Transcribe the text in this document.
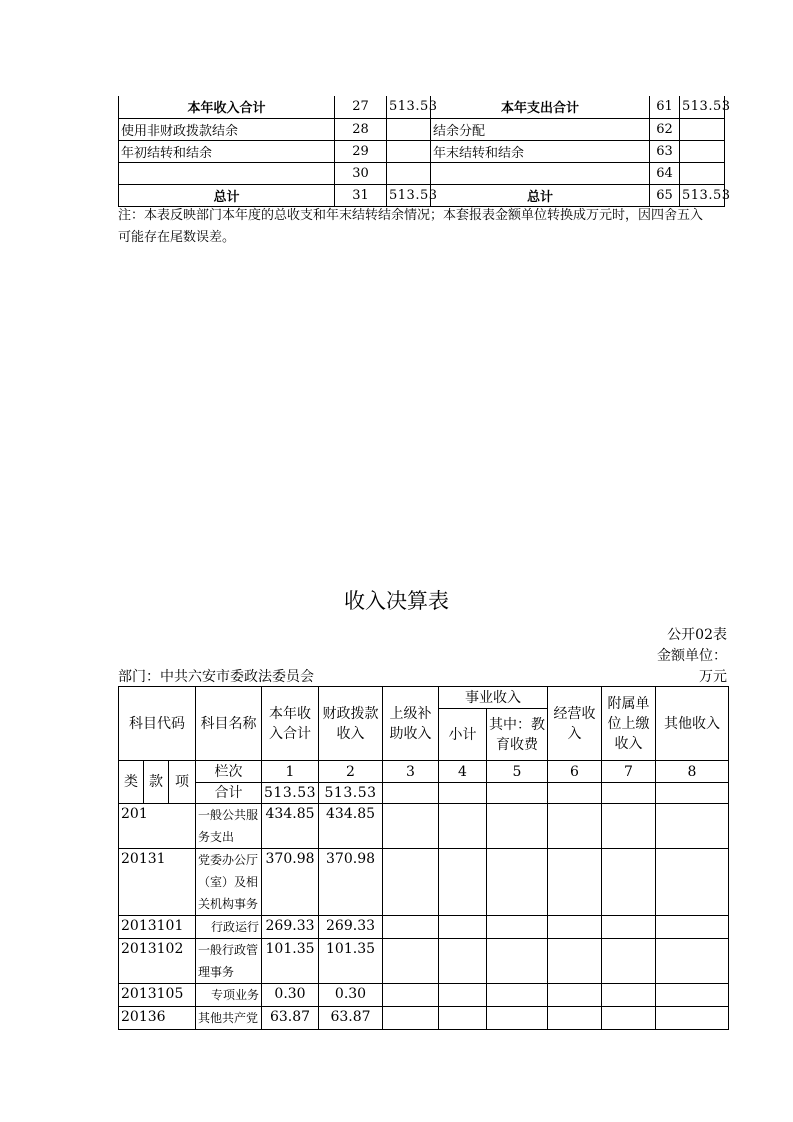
本年收入合计	27	513.53	本年支出合计	61	513.53
使用非财政拨款结余	28		结余分配	62	
年初结转和结余	29		年末结转和结余	63	
	30			64	
总计	31	513.53	总计	65	513.53
注：本表反映部门本年度的总收支和年末结转结余情况；本套报表金额单位转换成万元时，因四舍五入
可能存在尾数误差。
收入决算表
公开02表
金额单位：
万元
部门：中共六安市委政法委员会
科目代码			科目名称	本年收入合计	财政拨款收入	上级补助收入	事业收入		经营收入	附属单位上缴收入	其他收入
							小计	其中：教育收费			
类	款	项	栏次	1	2	3	4	5	6	7	8
			合计	513.53	513.53						
201			一般公共服务支出	434.85	434.85						
20131			党委办公厅（室）及相关机构事务	370.98	370.98						
2013101			行政运行	269.33	269.33						
2013102			一般行政管理事务	101.35	101.35						
2013105			专项业务	0.30	0.30						
20136			其他共产党	63.87	63.87						
